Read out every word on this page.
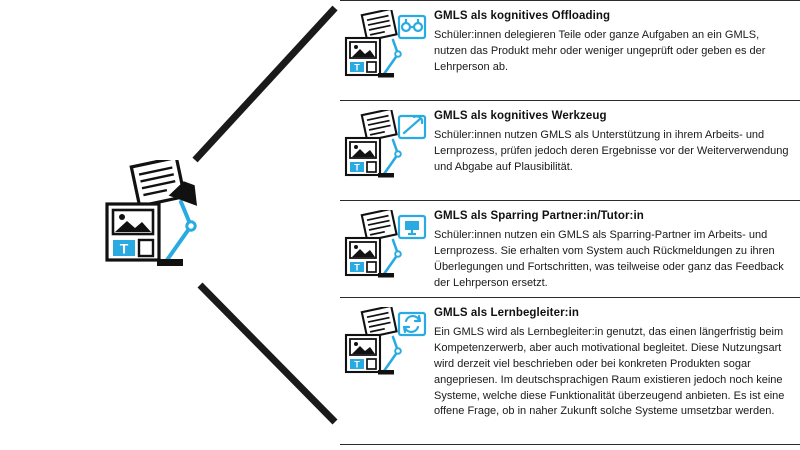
T
T
GMLS als kognitives Offloading
Schüler:innen delegieren Teile oder ganze Aufgaben an ein GMLS, nutzen das Produkt mehr oder weniger ungeprüft oder geben es der Lehrperson ab.
T
GMLS als kognitives Werkzeug
Schüler:innen nutzen GMLS als Unterstützung in ihrem Arbeits- und Lernprozess, prüfen jedoch deren Ergebnisse vor der Weiterverwendung und Abgabe auf Plausibilität.
T
GMLS als Sparring Partner:in/Tutor:in
Schüler:innen nutzen ein GMLS als Sparring-Partner im Arbeits- und Lernprozess. Sie erhalten vom System auch Rückmeldungen zu ihren Überlegungen und Fortschritten, was teilweise oder ganz das Feedback der Lehrperson ersetzt.
T
GMLS als Lernbegleiter:in
Ein GMLS wird als Lernbegleiter:in genutzt, das einen längerfristig beim Kompetenzerwerb, aber auch motivational begleitet. Diese Nutzungsart wird derzeit viel beschrieben oder bei konkreten Produkten sogar angepriesen. Im deutschsprachigen Raum existieren jedoch noch keine Systeme, welche diese Funktionalität überzeugend anbieten. Es ist eine offene Frage, ob in naher Zukunft solche Systeme umsetzbar werden.
